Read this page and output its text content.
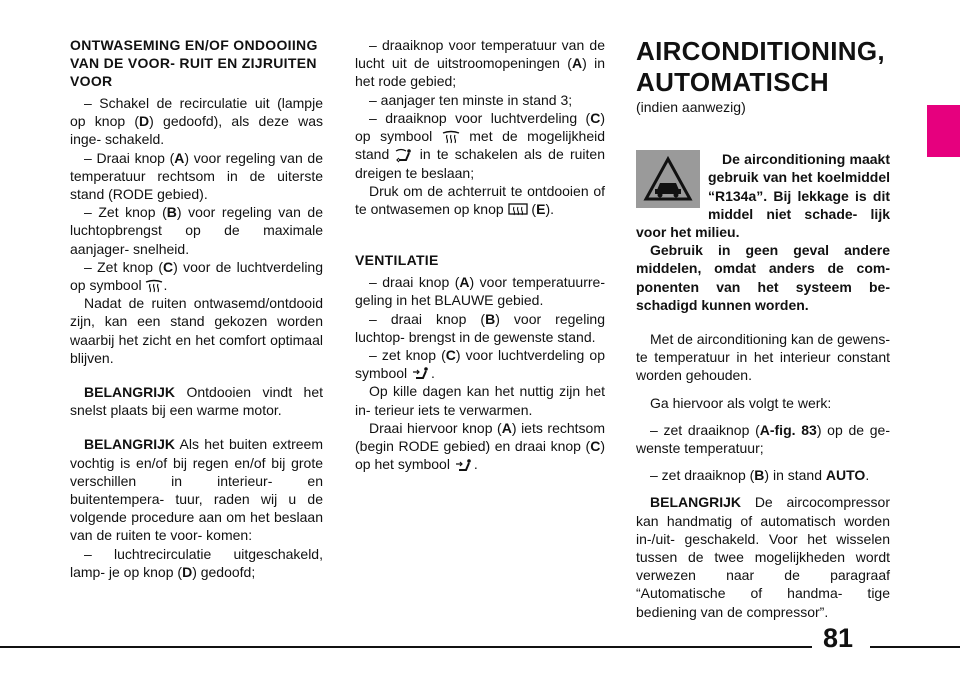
ONTWASEMING EN/OF ONDOOIING VAN DE VOOR- RUIT EN ZIJRUITEN VOOR

– Schakel de recirculatie uit (lampje op knop (D) gedoofd), als deze was inge- schakeld.

– Draai knop (A) voor regeling van de temperatuur rechtsom in de uiterste stand (RODE gebied).

– Zet knop (B) voor regeling van de luchtopbrengst op de maximale aanjager- snelheid.

– Zet knop (C) voor de luchtverdeling op symbool .

Nadat de ruiten ontwasemd/ontdooid zijn, kan een stand gekozen worden waarbij het zicht en het comfort optimaal blijven.

BELANGRIJK Ontdooien vindt het snelst plaats bij een warme motor.

BELANGRIJK Als het buiten extreem vochtig is en/of bij regen en/of bij grote verschillen in interieur- en buitentempera- tuur, raden wij u de volgende procedure aan om het beslaan van de ruiten te voor- komen:

– luchtrecirculatie uitgeschakeld, lamp- je op knop (D) gedoofd;

– draaiknop voor temperatuur van de lucht uit de uitstroomopeningen (A) in het rode gebied;

– aanjager ten minste in stand 3;

– draaiknop voor luchtverdeling (C) op symbool  met de mogelijkheid stand  in te schakelen als de ruiten dreigen te beslaan;

Druk om de achterruit te ontdooien of te ontwasemen op knop  (E).

VENTILATIE

– draai knop (A) voor temperatuurre- geling in het BLAUWE gebied.

– draai knop (B) voor regeling luchtop- brengst in de gewenste stand.

– zet knop (C) voor luchtverdeling op symbool .

Op kille dagen kan het nuttig zijn het in- terieur iets te verwarmen.

Draai hiervoor knop (A) iets rechtsom (begin RODE gebied) en draai knop (C) op het symbool .

AIRCONDITIONING,
AUTOMATISCH

(indien aanwezig)

De airconditioning maakt gebruik van het koelmiddel “R134a”. Bij lekkage is dit middel niet schade- lijk voor het milieu.

Gebruik in geen geval andere middelen, omdat anders de com- ponenten van het systeem be- schadigd kunnen worden.

Met de airconditioning kan de gewens- te temperatuur in het interieur constant worden gehouden.

Ga hiervoor als volgt te werk:

– zet draaiknop (A-fig. 83) op de ge- wenste temperatuur;

– zet draaiknop (B) in stand AUTO.

BELANGRIJK De aircocompressor kan handmatig of automatisch worden in-/uit- geschakeld. Voor het wisselen tussen de twee mogelijkheden wordt verwezen naar de paragraaf “Automatische of handma- tige bediening van de compressor”.

81
